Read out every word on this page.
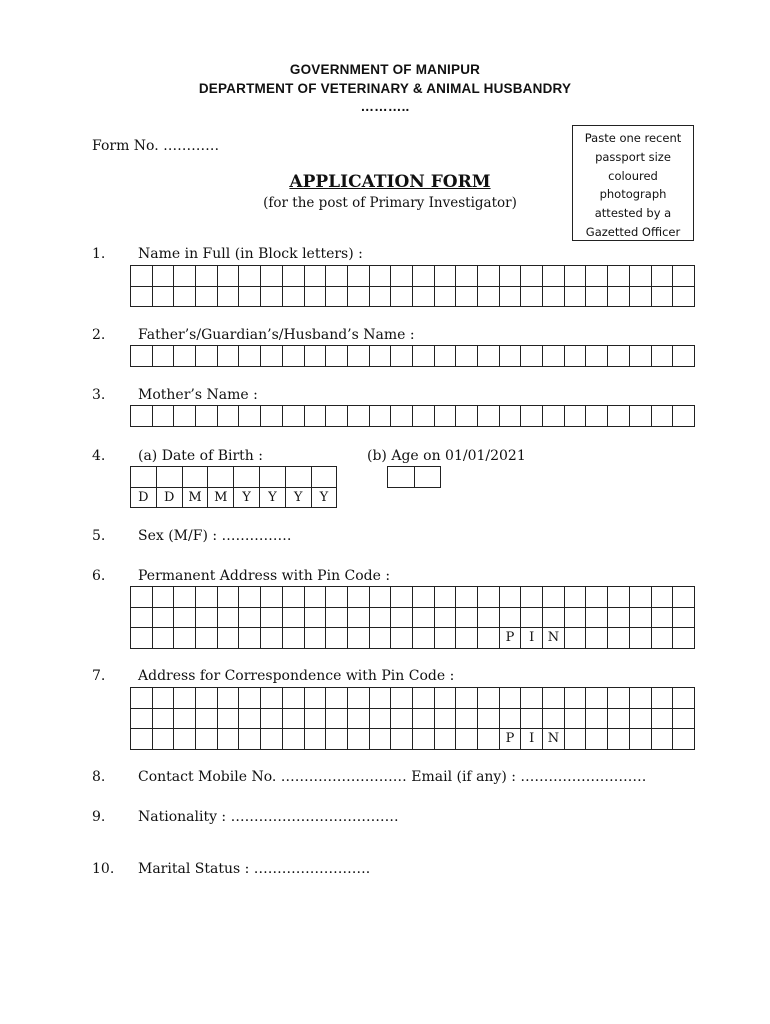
GOVERNMENT OF MANIPUR
DEPARTMENT OF VETERINARY & ANIMAL HUSBANDRY
………..
Form No. …………	Paste one recent
passport size
coloured
photograph
attested by a
Gazetted Officer
APPLICATION FORM
(for the post of Primary Investigator)
1. Name in Full (in Block letters) :

2. Father’s/Guardian’s/Husband’s Name :

3. Mother’s Name :

4. (a) Date of Birth :	(b) Age on 01/01/2021

D	D	M	M	Y	Y	Y	Y

5. Sex (M/F) : ……………
6. Permanent Address with Pin Code :

																	P	I	N						
7. Address for Correspondence with Pin Code :

																	P	I	N						
8. Contact Mobile No. ……………………… Email (if any) : ………………………
9. Nationality : ………………………………
10. Marital Status : …………………….
